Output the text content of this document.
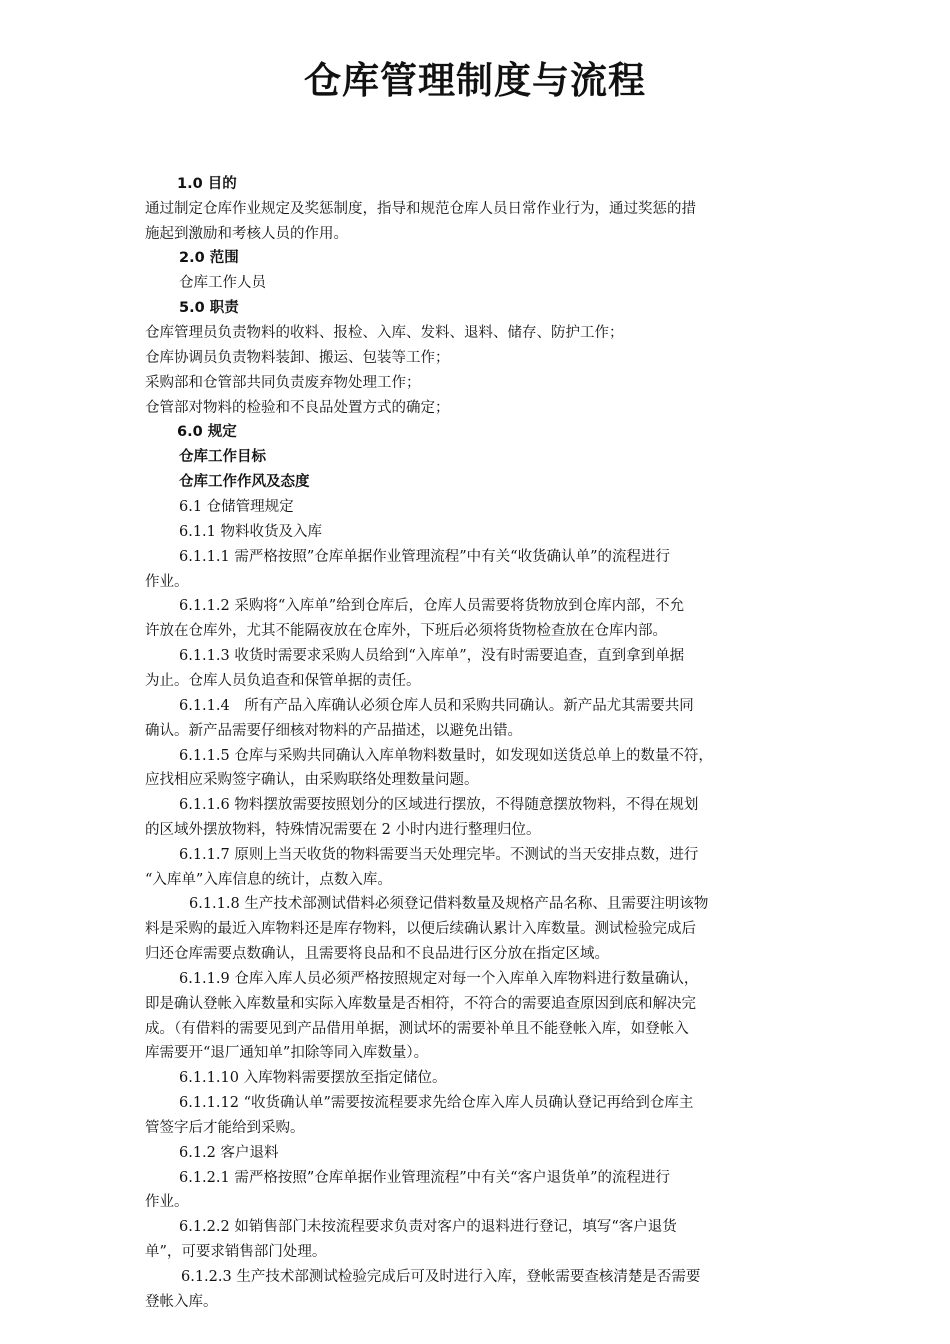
仓库管理制度与流程

1.0 目的

通过制定仓库作业规定及奖惩制度，指导和规范仓库人员日常作业行为，通过奖惩的措

施起到激励和考核人员的作用。

2.0 范围

仓库工作人员

5.0 职责

仓库管理员负责物料的收料、报检、入库、发料、退料、储存、防护工作；

仓库协调员负责物料装卸、搬运、包装等工作；

采购部和仓管部共同负责废弃物处理工作；

仓管部对物料的检验和不良品处置方式的确定；

6.0 规定

仓库工作目标

仓库工作作风及态度

6.1 仓储管理规定

6.1.1 物料收货及入库

6.1.1.1 需严格按照”仓库单据作业管理流程”中有关“收货确认单”的流程进行

作业。

6.1.1.2 采购将“入库单”给到仓库后，仓库人员需要将货物放到仓库内部，不允

许放在仓库外，尤其不能隔夜放在仓库外，下班后必须将货物检查放在仓库内部。

6.1.1.3 收货时需要求采购人员给到“入库单”，没有时需要追查，直到拿到单据

为止。仓库人员负追查和保管单据的责任。

6.1.1.4　所有产品入库确认必须仓库人员和采购共同确认。新产品尤其需要共同

确认。新产品需要仔细核对物料的产品描述，以避免出错。

6.1.1.5 仓库与采购共同确认入库单物料数量时，如发现如送货总单上的数量不符，

应找相应采购签字确认，由采购联络处理数量问题。

6.1.1.6 物料摆放需要按照划分的区域进行摆放，不得随意摆放物料，不得在规划

的区域外摆放物料，特殊情况需要在 2 小时内进行整理归位。

6.1.1.7 原则上当天收货的物料需要当天处理完毕。不测试的当天安排点数，进行

“入库单”入库信息的统计，点数入库。

6.1.1.8 生产技术部测试借料必须登记借料数量及规格产品名称、且需要注明该物

料是采购的最近入库物料还是库存物料，以便后续确认累计入库数量。测试检验完成后

归还仓库需要点数确认，且需要将良品和不良品进行区分放在指定区域。

6.1.1.9 仓库入库人员必须严格按照规定对每一个入库单入库物料进行数量确认，

即是确认登帐入库数量和实际入库数量是否相符，不符合的需要追查原因到底和解决完

成。（有借料的需要见到产品借用单据，测试坏的需要补单且不能登帐入库，如登帐入

库需要开“退厂通知单”扣除等同入库数量）。

6.1.1.10 入库物料需要摆放至指定储位。

6.1.1.12 “收货确认单”需要按流程要求先给仓库入库人员确认登记再给到仓库主

管签字后才能给到采购。

6.1.2 客户退料

6.1.2.1 需严格按照”仓库单据作业管理流程”中有关“客户退货单”的流程进行

作业。

6.1.2.2 如销售部门未按流程要求负责对客户的退料进行登记，填写“客户退货

单”，可要求销售部门处理。

6.1.2.3 生产技术部测试检验完成后可及时进行入库，登帐需要查核清楚是否需要

登帐入库。
